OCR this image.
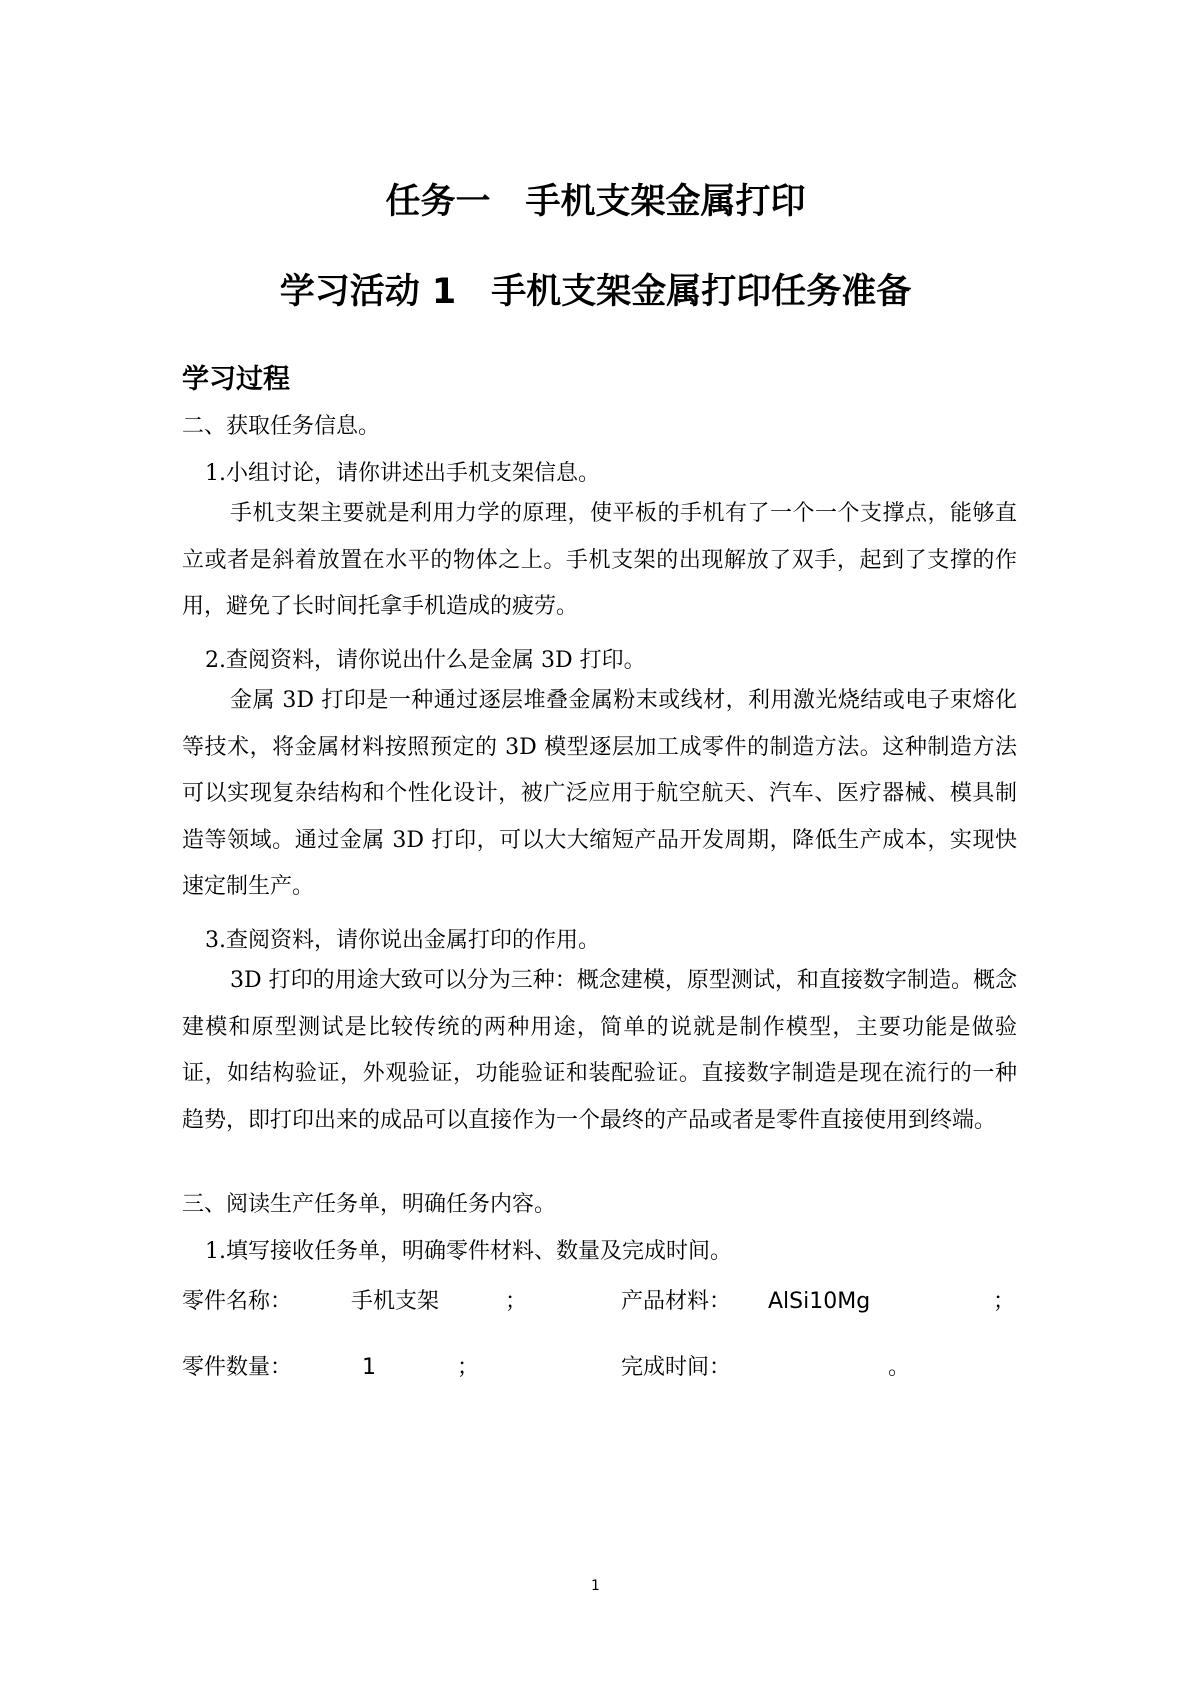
任务一　手机支架金属打印
学习活动 1　手机支架金属打印任务准备
学习过程
二、获取任务信息。
1.小组讨论，请你讲述出手机支架信息。
手机支架主要就是利用力学的原理，使平板的手机有了一个一个支撑点，能够直立或者是斜着放置在水平的物体之上。手机支架的出现解放了双手，起到了支撑的作用，避免了长时间托拿手机造成的疲劳。
2.查阅资料，请你说出什么是金属 3D 打印。
金属 3D 打印是一种通过逐层堆叠金属粉末或线材，利用激光烧结或电子束熔化等技术，将金属材料按照预定的 3D 模型逐层加工成零件的制造方法。这种制造方法可以实现复杂结构和个性化设计，被广泛应用于航空航天、汽车、医疗器械、模具制造等领域。通过金属 3D 打印，可以大大缩短产品开发周期，降低生产成本，实现快速定制生产。
3.查阅资料，请你说出金属打印的作用。
3D 打印的用途大致可以分为三种：概念建模，原型测试，和直接数字制造。概念建模和原型测试是比较传统的两种用途，简单的说就是制作模型，主要功能是做验证，如结构验证，外观验证，功能验证和装配验证。直接数字制造是现在流行的一种趋势，即打印出来的成品可以直接作为一个最终的产品或者是零件直接使用到终端。
三、阅读生产任务单，明确任务内容。
1.填写接收任务单，明确零件材料、数量及完成时间。
零件名称：	手机支架	；	产品材料： AlSi10Mg	；
零件数量：	1	；	完成时间：	。
1
